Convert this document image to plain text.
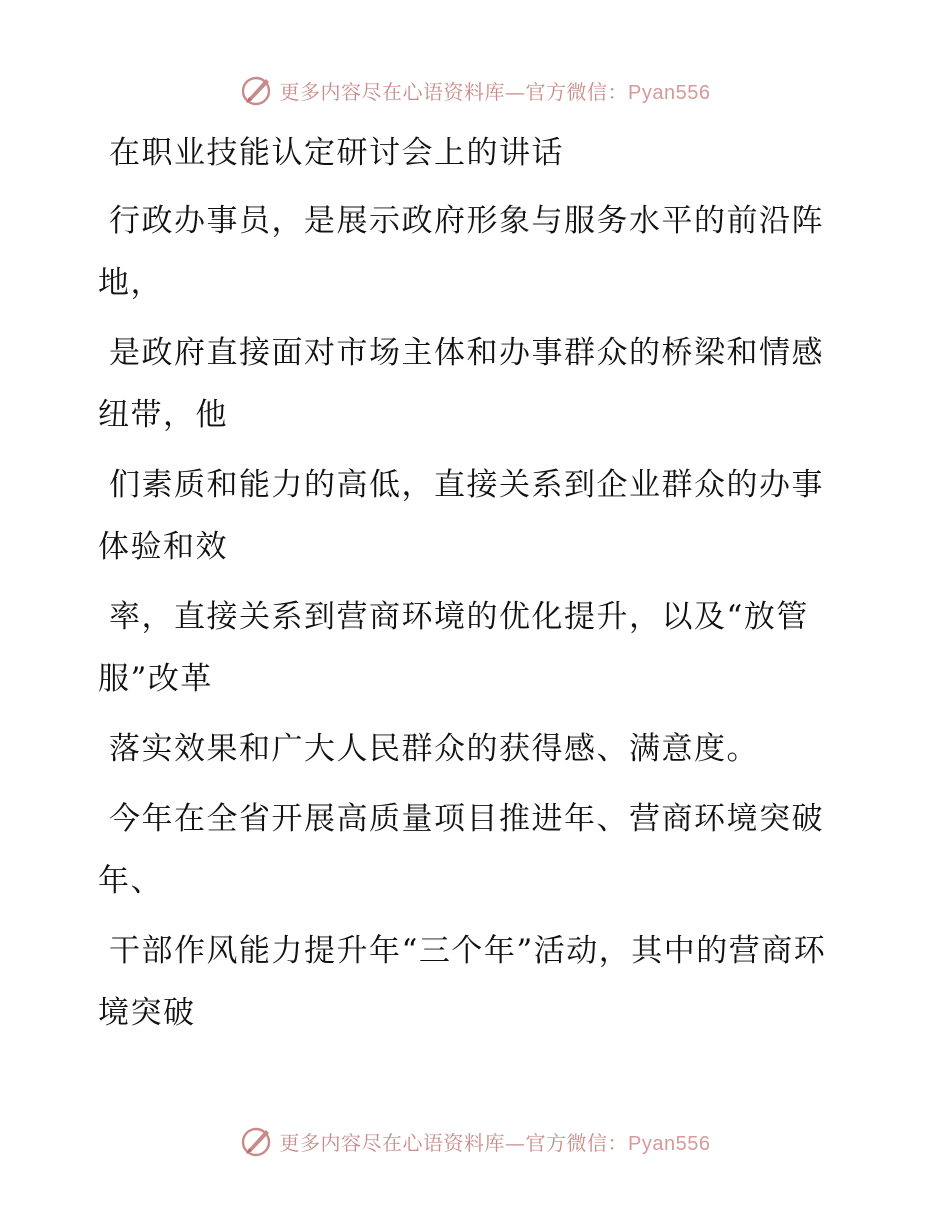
更多内容尽在心语资料库—官方微信：Pyan556

在职业技能认定研讨会上的讲话

行政办事员，是展示政府形象与服务水平的前沿阵地，

是政府直接面对市场主体和办事群众的桥梁和情感纽带，他

们素质和能力的高低，直接关系到企业群众的办事体验和效

率，直接关系到营商环境的优化提升，以及“放管服”改革

落实效果和广大人民群众的获得感、满意度。

今年在全省开展高质量项目推进年、营商环境突破年、

干部作风能力提升年“三个年”活动，其中的营商环境突破

更多内容尽在心语资料库—官方微信：Pyan556
